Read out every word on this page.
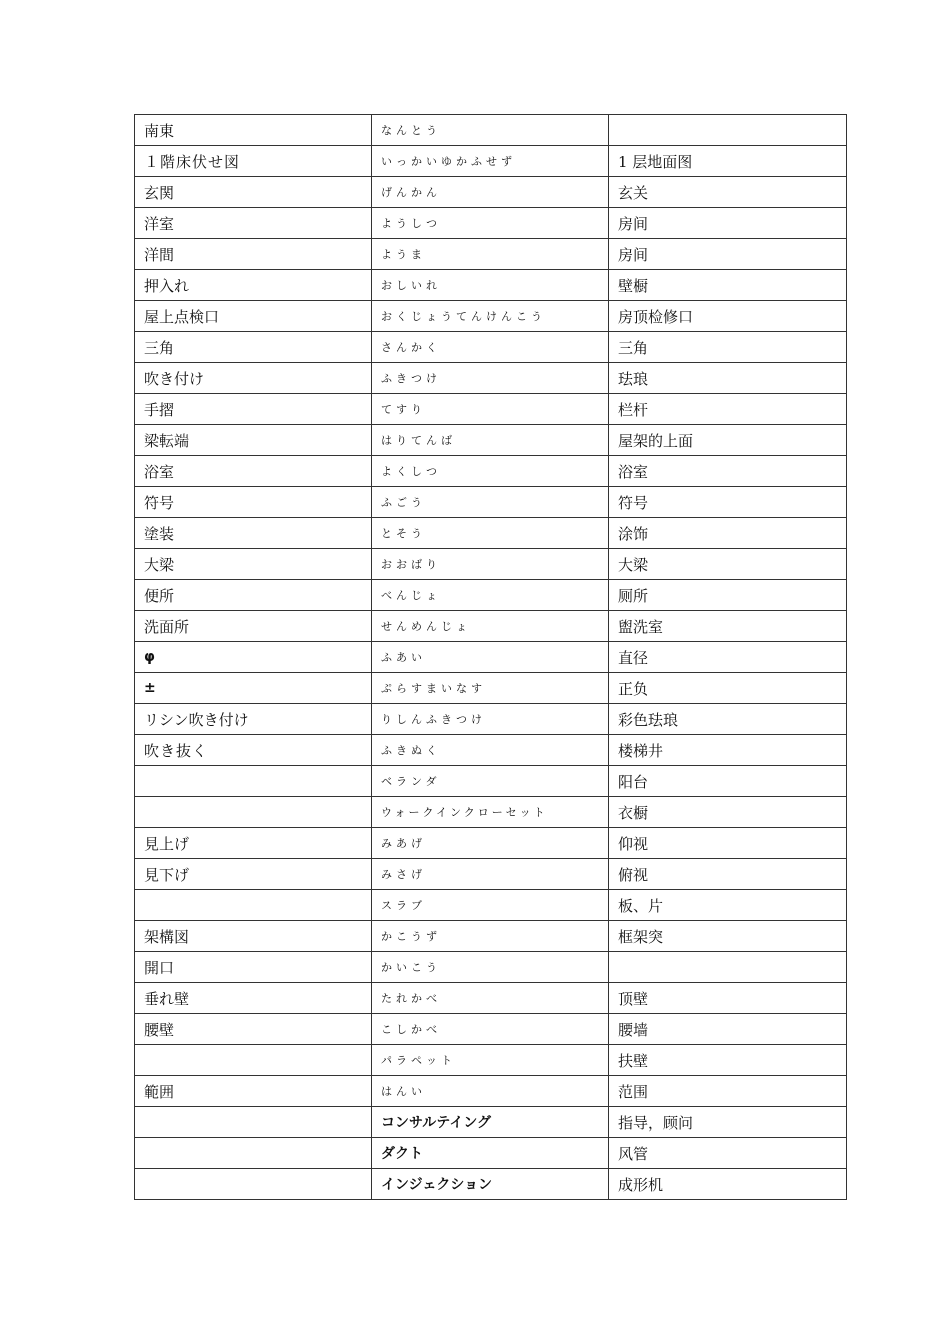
南東	なんとう	
１階床伏せ図	いっかいゆかふせず	1 层地面图
玄関	げんかん	玄关
洋室	ようしつ	房间
洋間	ようま	房间
押入れ	おしいれ	壁橱
屋上点検口	おくじょうてんけんこう	房顶检修口
三角	さんかく	三角
吹き付け	ふきつけ	珐琅
手摺	てすり	栏杆
梁転端	はりてんば	屋架的上面
浴室	よくしつ	浴室
符号	ふごう	符号
塗装	とそう	涂饰
大梁	おおばり	大梁
便所	べんじょ	厕所
洗面所	せんめんじょ	盥洗室
φ	ふあい	直径
±	ぷらすまいなす	正负
リシン吹き付け	りしんふきつけ	彩色珐琅
吹き抜く	ふきぬく	楼梯井
	ベランダ	阳台
	ウォークインクローセット	衣橱
見上げ	みあげ	仰视
見下げ	みさげ	俯视
	スラブ	板、片
架構図	かこうず	框架突
開口	かいこう	
垂れ壁	たれかべ	顶壁
腰壁	こしかべ	腰墙
	パラペット	扶壁
範囲	はんい	范围
	コンサルテイング	指导，顾问
	ダクト	风管
	インジェクション	成形机
